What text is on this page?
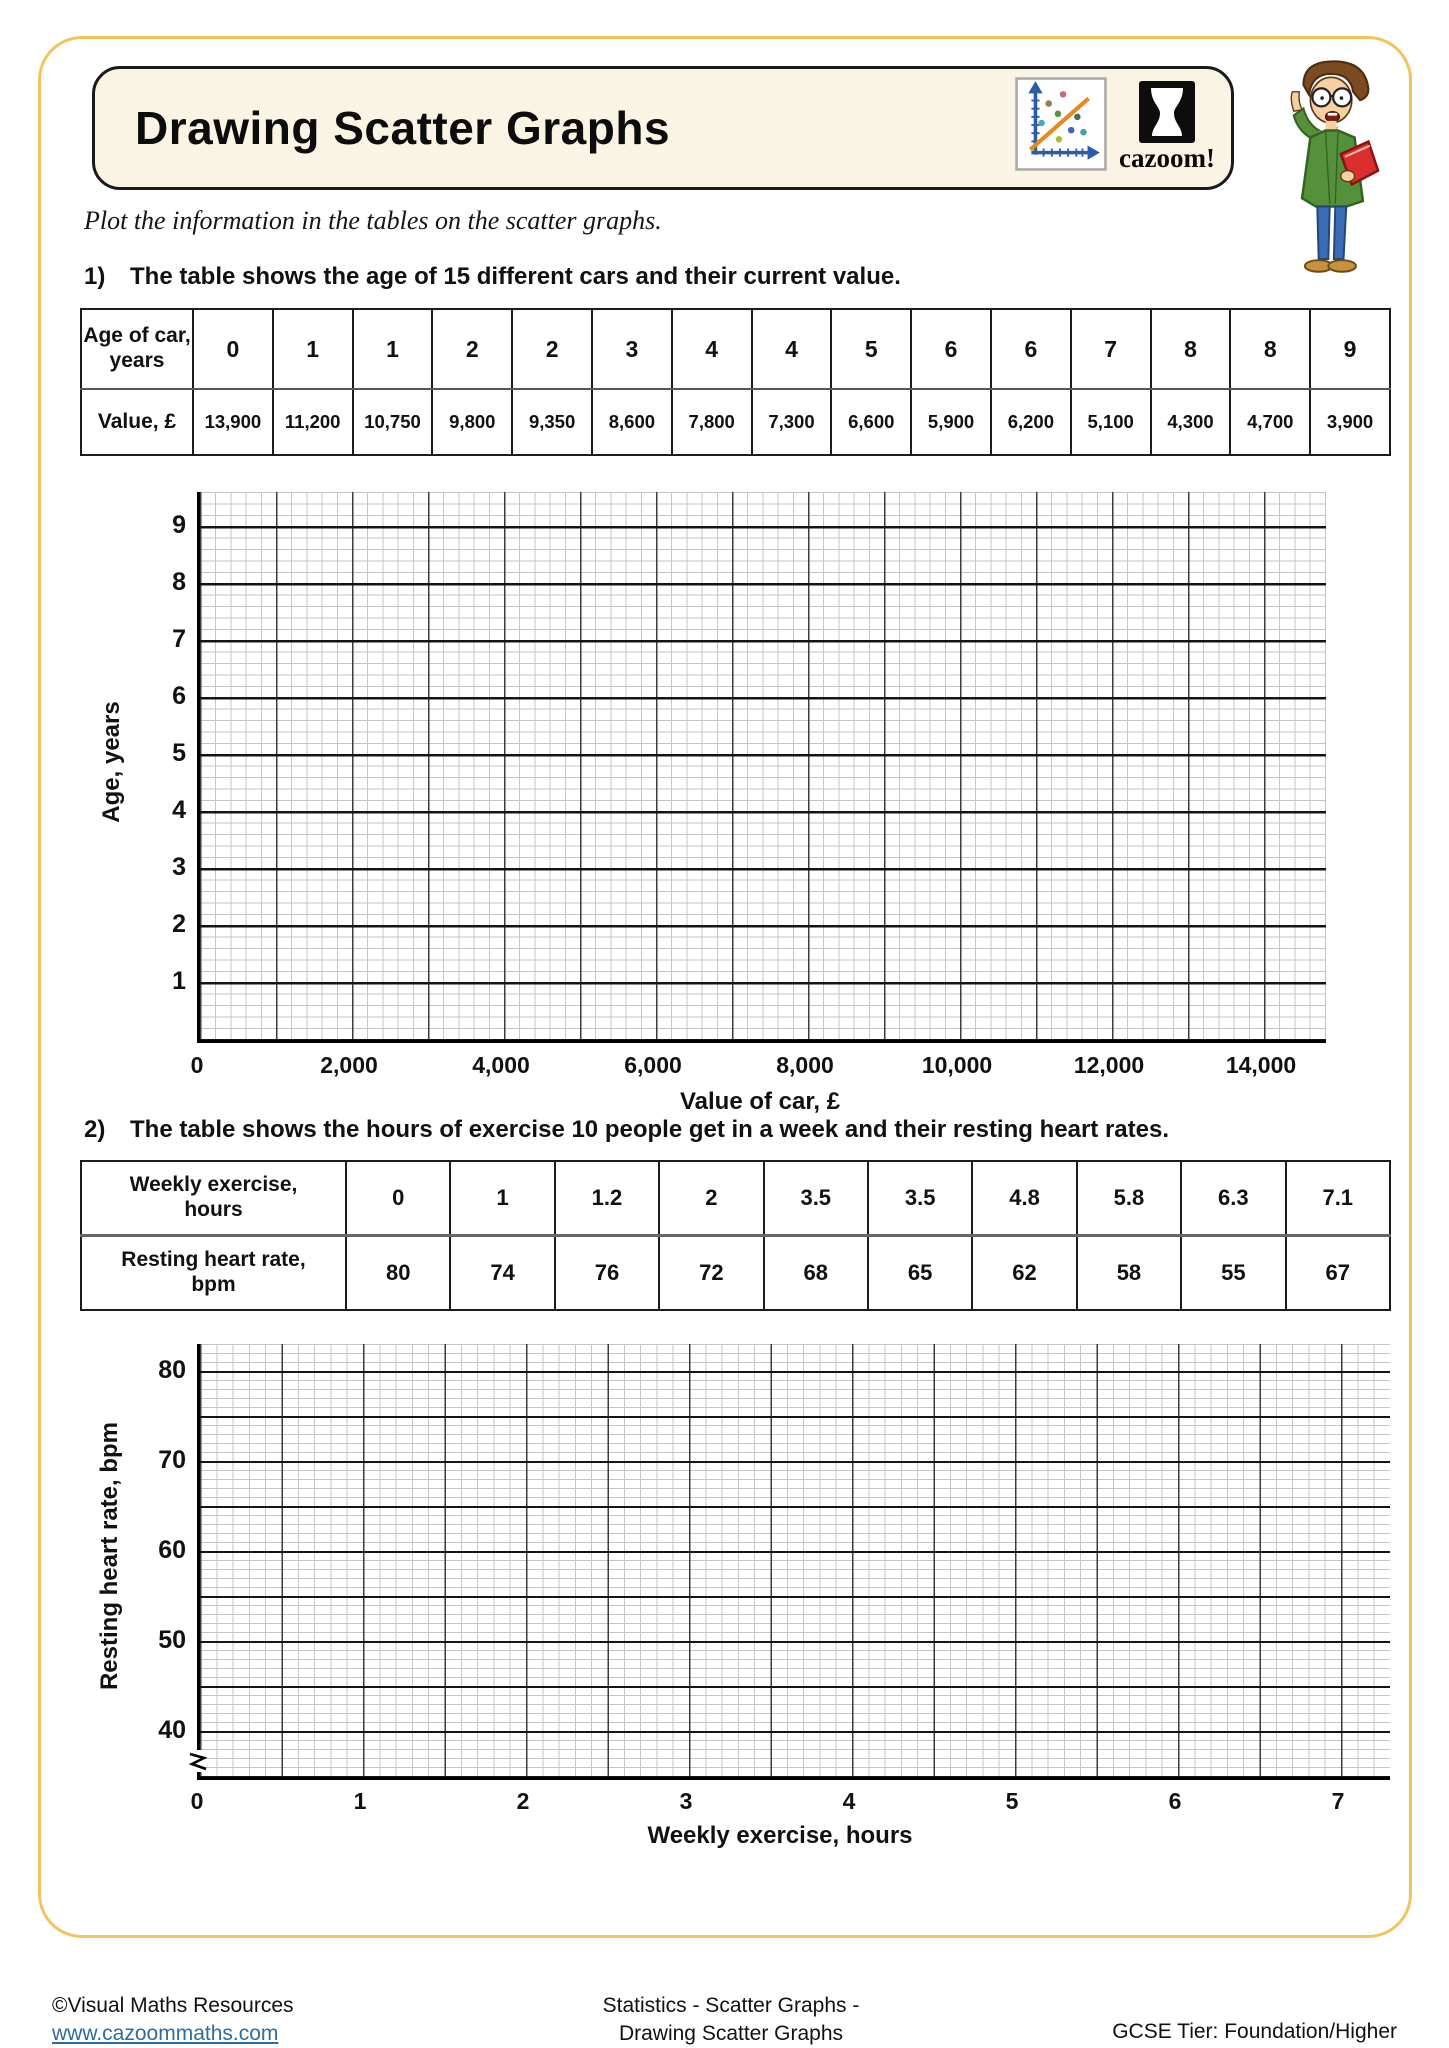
Drawing Scatter Graphs
cazoom!
Plot the information in the tables on the scatter graphs.
1)	The table shows the age of 15 different cars and their current value.
Age of car,
years	0	1	1	2	2	3	4	4	5	6	6	7	8	8	9
Value, £	13,900	11,200	10,750	9,800	9,350	8,600	7,800	7,300	6,600	5,900	6,200	5,100	4,300	4,700	3,900
9
8
7
6
5
4
3
2
1
0	2,000	4,000	6,000	8,000	10,000	12,000	14,000
Age, years
Value of car, £
2)	The table shows the hours of exercise 10 people get in a week and their resting heart rates.
Weekly exercise,
hours	0	1	1.2	2	3.5	3.5	4.8	5.8	6.3	7.1
Resting heart rate,
bpm	80	74	76	72	68	65	62	58	55	67
80
70
60
50
40
0	1	2	3	4	5	6	7
Resting heart rate, bpm
Weekly exercise, hours
©Visual Maths Resources
www.cazoommaths.com
Statistics - Scatter Graphs -
Drawing Scatter Graphs	GCSE Tier: Foundation/Higher
